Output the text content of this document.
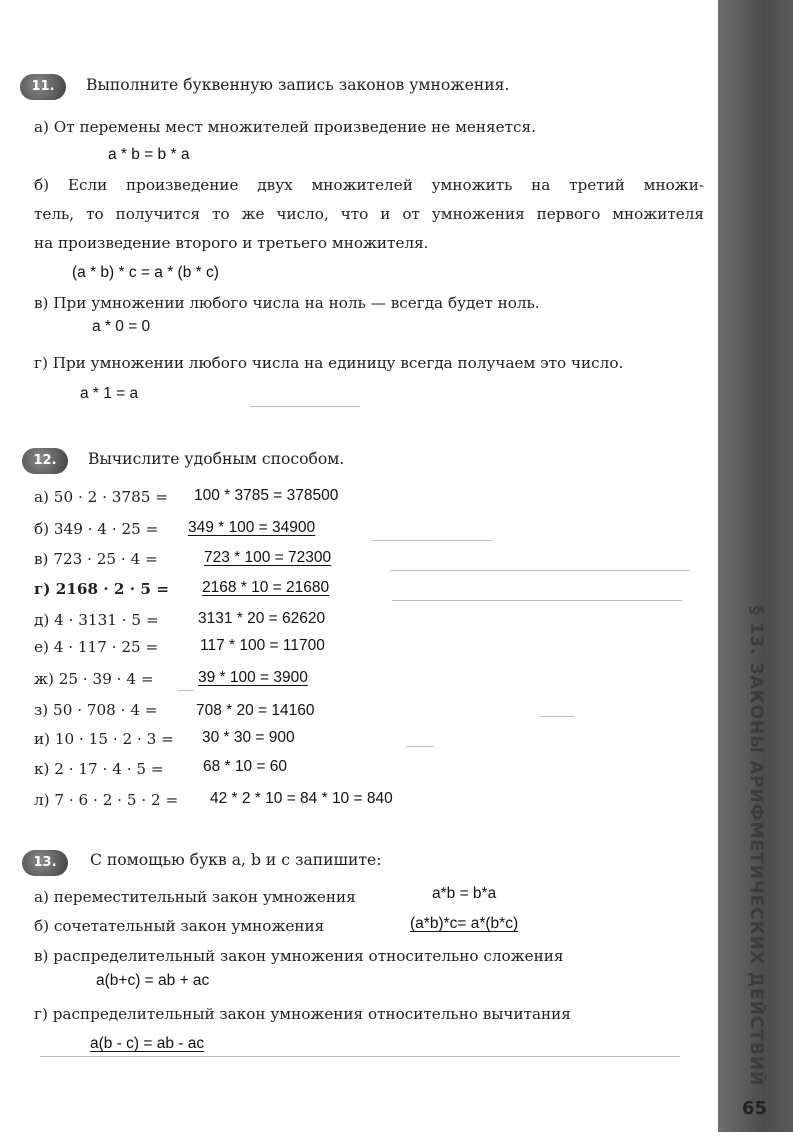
§ 13. ЗАКОНЫ АРИФМЕТИЧЕСКИХ ДЕЙСТВИЙ
65
11.	Выполните буквенную запись законов умножения.
а) От перемены мест множителей произведение не меняется.
a * b = b * a
б) Если произведение двух множителей умножить на третий множи-
тель, то получится то же число, что и от умножения первого множителя
на произведение второго и третьего множителя.
(a * b) * c = a * (b * c)
в) При умножении любого числа на ноль — всегда будет ноль.
a * 0 = 0
г) При умножении любого числа на единицу всегда получаем это число.
a * 1 = a
12.	Вычислите удобным способом.
а) 50 · 2 · 3785 = 100 * 3785 = 378500
б) 349 · 4 · 25 = 349 * 100 = 34900
в) 723 · 25 · 4 =	723 * 100 = 72300
г) 2168 · 2 · 5 = 2168 * 10 = 21680
д) 4 · 3131 · 5 =	3131 * 20 = 62620
е) 4 · 117 · 25 =	117 * 100 = 11700
ж) 25 · 39 · 4 =	39 * 100 = 3900
з) 50 · 708 · 4 = 708 * 20 = 14160
и) 10 · 15 · 2 · 3 = 30 * 30 = 900
к) 2 · 17 · 4 · 5 =	68 * 10 = 60
л) 7 · 6 · 2 · 5 · 2 = 42 * 2 * 10 = 84 * 10 = 840
13.	С помощью букв a, b и c запишите:
а) переместительный закон умножения	a*b = b*a
б) сочетательный закон умножения	(a*b)*c= a*(b*c)
в) распределительный закон умножения относительно сложения
a(b+c) = ab + ac
г) распределительный закон умножения относительно вычитания
a(b - c) = ab - ac
